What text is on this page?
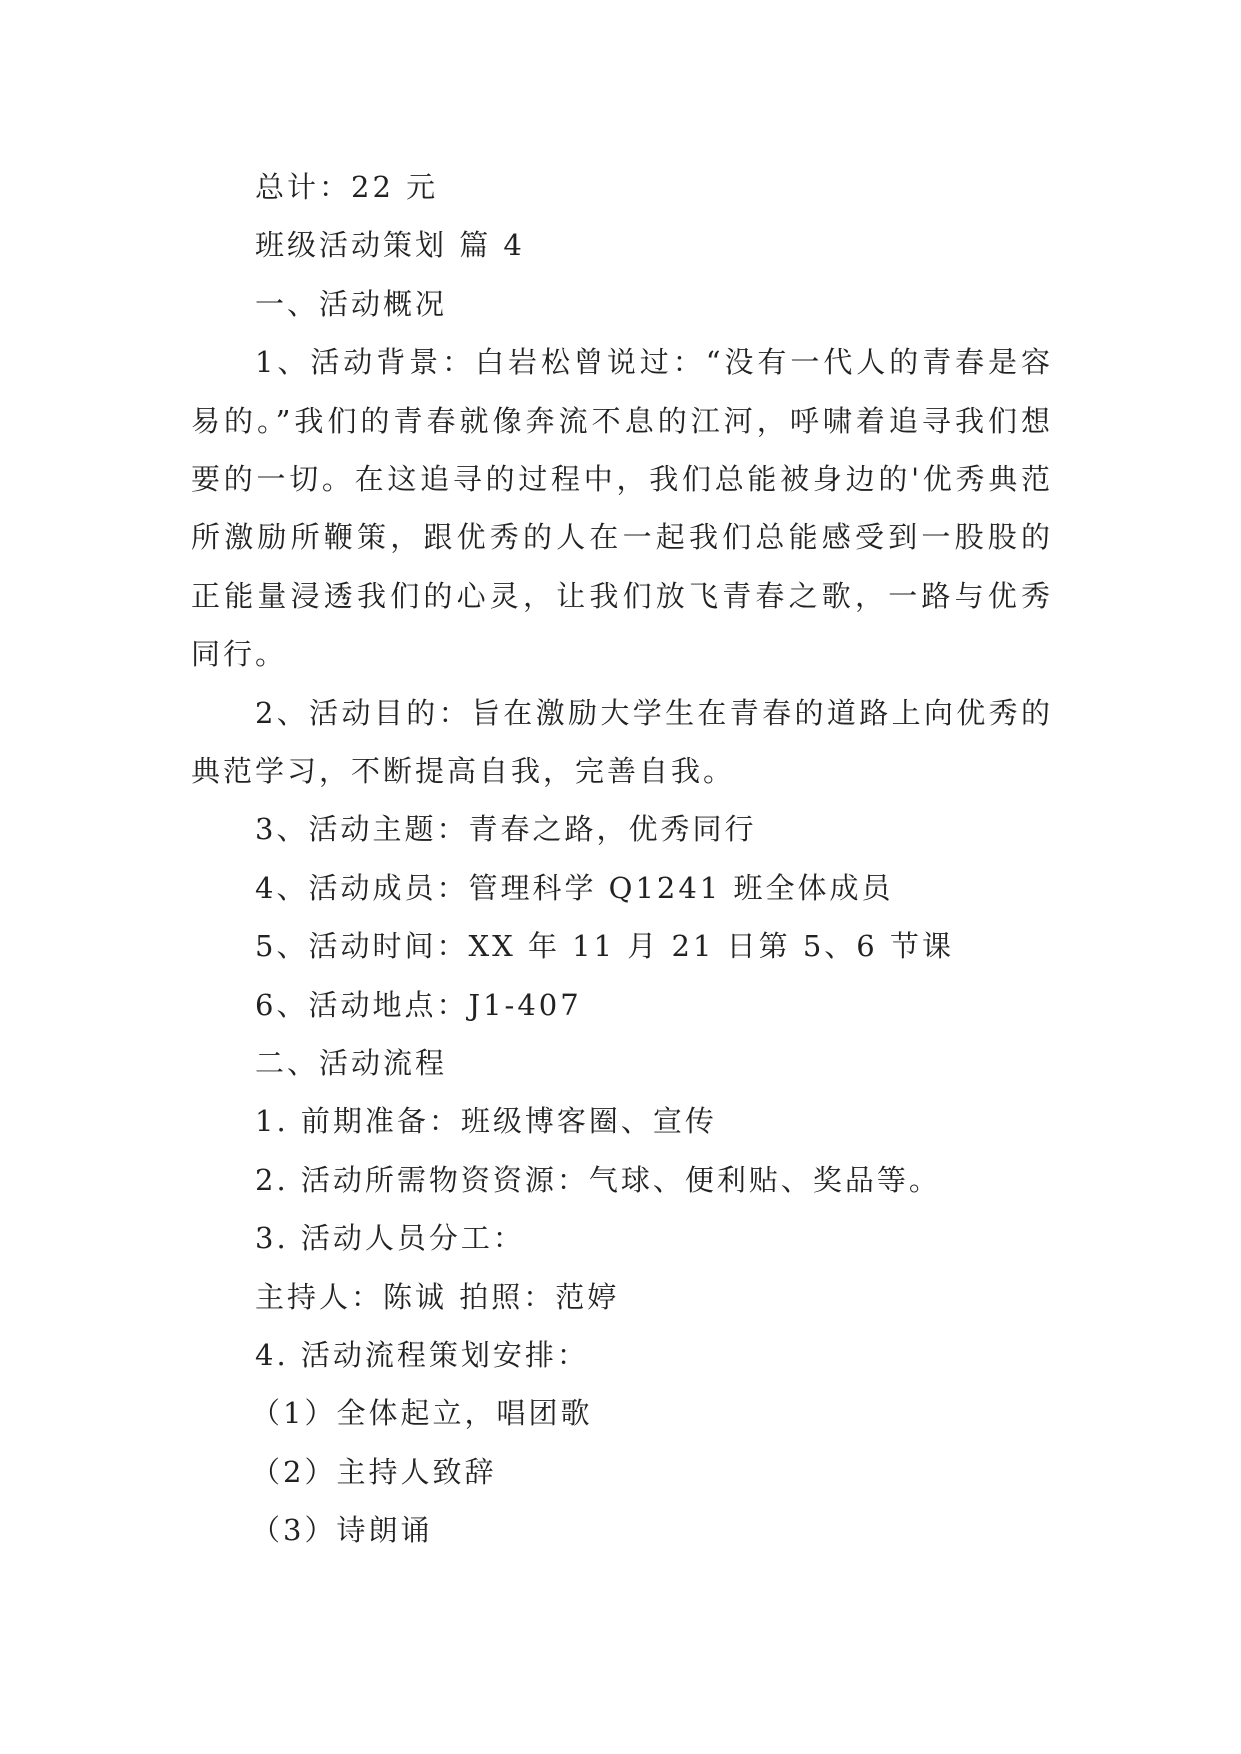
总计：22 元
班级活动策划 篇 4
一、活动概况
1、活动背景：白岩松曾说过：“没有一代人的青春是容易的。”我们的青春就像奔流不息的江河，呼啸着追寻我们想要的一切。在这追寻的过程中，我们总能被身边的'优秀典范所激励所鞭策，跟优秀的人在一起我们总能感受到一股股的正能量浸透我们的心灵，让我们放飞青春之歌，一路与优秀同行。
2、活动目的：旨在激励大学生在青春的道路上向优秀的典范学习，不断提高自我，完善自我。
3、活动主题：青春之路，优秀同行
4、活动成员：管理科学 Q1241 班全体成员
5、活动时间：XX 年 11 月 21 日第 5、6 节课
6、活动地点：J1-407
二、活动流程
1. 前期准备：班级博客圈、宣传
2. 活动所需物资资源：气球、便利贴、奖品等。
3. 活动人员分工：
主持人：陈诚 拍照：范婷
4. 活动流程策划安排：
（1）全体起立，唱团歌
（2）主持人致辞
（3）诗朗诵
